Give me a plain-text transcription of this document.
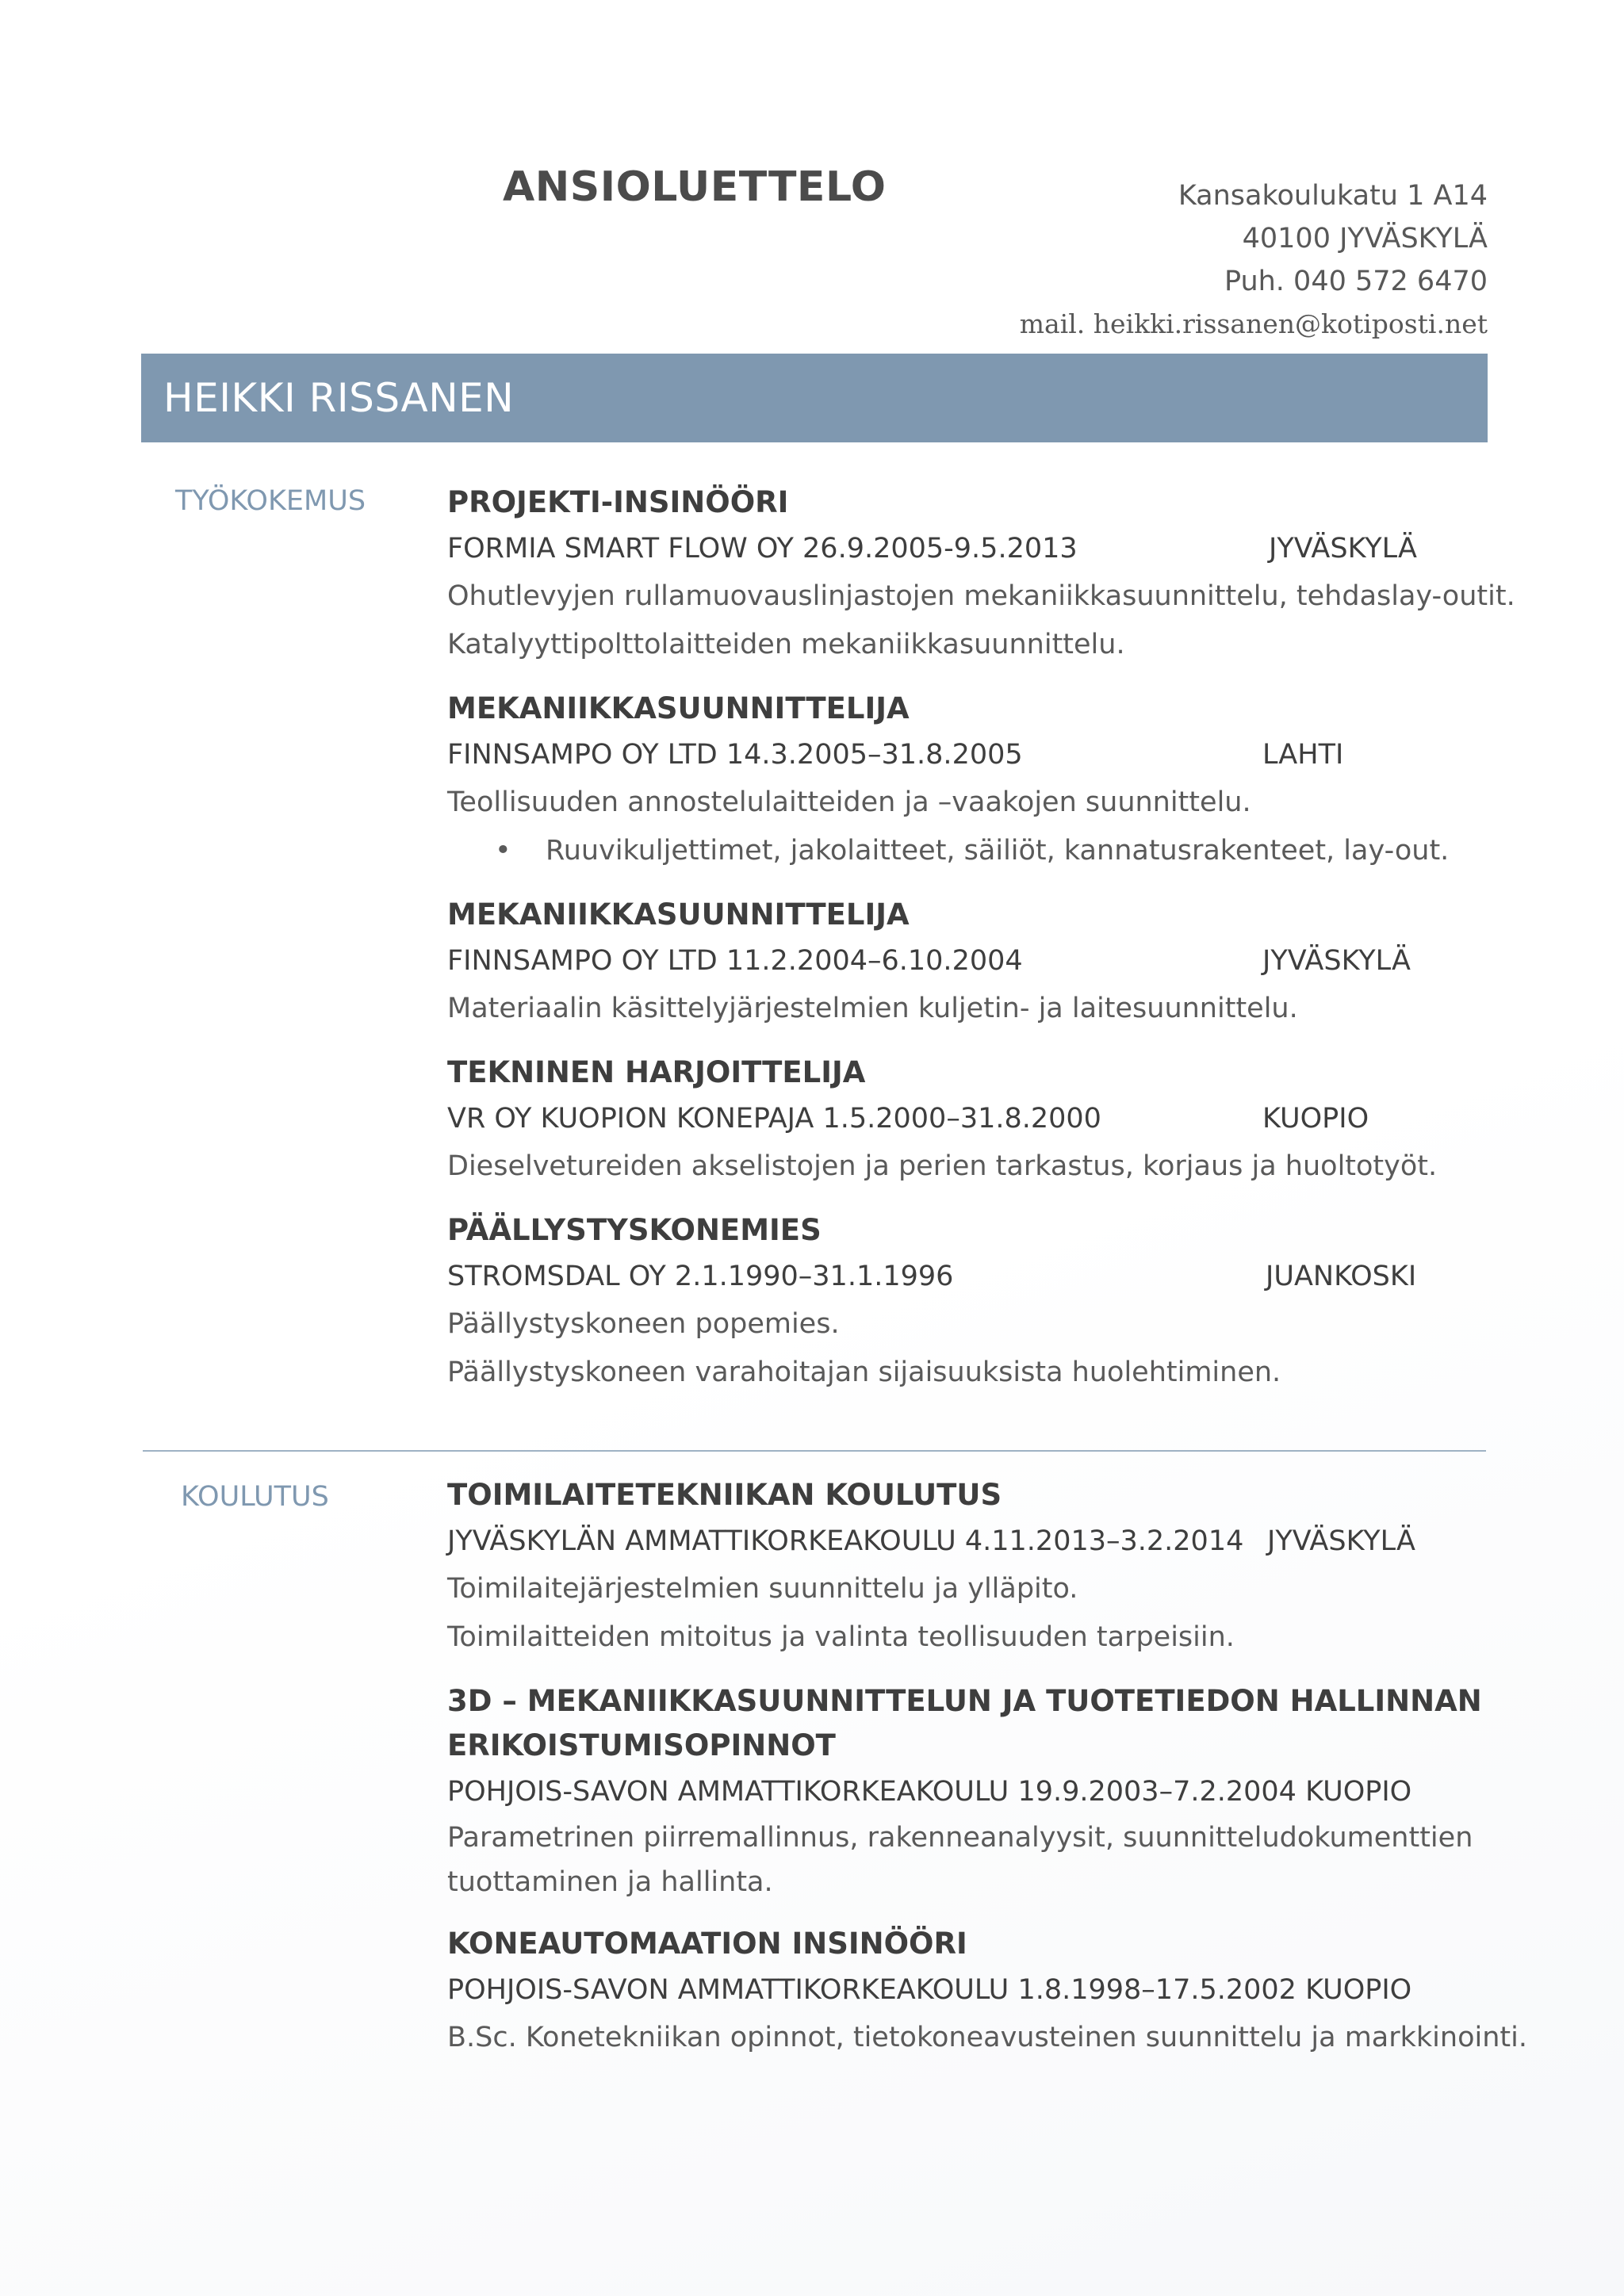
ANSIOLUETTELO	Kansakoulukatu 1 A14
40100 JYVÄSKYLÄ
Puh. 040 572 6470
mail. heikki.rissanen@kotiposti.net
HEIKKI RISSANEN
TYÖKOKEMUS	PROJEKTI-INSINÖÖRI
FORMIA SMART FLOW OY 26.9.2005-9.5.2013	JYVÄSKYLÄ
Ohutlevyjen rullamuovauslinjastojen mekaniikkasuunnittelu, tehdaslay-outit.
Katalyyttipolttolaitteiden mekaniikkasuunnittelu.
MEKANIIKKASUUNNITTELIJA
FINNSAMPO OY LTD 14.3.2005–31.8.2005	LAHTI
Teollisuuden annostelulaitteiden ja –vaakojen suunnittelu.
• Ruuvikuljettimet, jakolaitteet, säiliöt, kannatusrakenteet, lay-out.
MEKANIIKKASUUNNITTELIJA
FINNSAMPO OY LTD 11.2.2004–6.10.2004	JYVÄSKYLÄ
Materiaalin käsittelyjärjestelmien kuljetin- ja laitesuunnittelu.
TEKNINEN HARJOITTELIJA
VR OY KUOPION KONEPAJA 1.5.2000–31.8.2000	KUOPIO
Dieselvetureiden akselistojen ja perien tarkastus, korjaus ja huoltotyöt.
PÄÄLLYSTYSKONEMIES
STROMSDAL OY 2.1.1990–31.1.1996	JUANKOSKI
Päällystyskoneen popemies.
Päällystyskoneen varahoitajan sijaisuuksista huolehtiminen.
KOULUTUS	TOIMILAITETEKNIIKAN KOULUTUS
JYVÄSKYLÄN AMMATTIKORKEAKOULU 4.11.2013–3.2.2014 JYVÄSKYLÄ
Toimilaitejärjestelmien suunnittelu ja ylläpito.
Toimilaitteiden mitoitus ja valinta teollisuuden tarpeisiin.
3D – MEKANIIKKASUUNNITTELUN JA TUOTETIEDON HALLINNAN
ERIKOISTUMISOPINNOT
POHJOIS-SAVON AMMATTIKORKEAKOULU 19.9.2003–7.2.2004 KUOPIO
Parametrinen piirremallinnus, rakenneanalyysit, suunnitteludokumenttien
tuottaminen ja hallinta.
KONEAUTOMAATION INSINÖÖRI
POHJOIS-SAVON AMMATTIKORKEAKOULU 1.8.1998–17.5.2002 KUOPIO
B.Sc. Konetekniikan opinnot, tietokoneavusteinen suunnittelu ja markkinointi.
